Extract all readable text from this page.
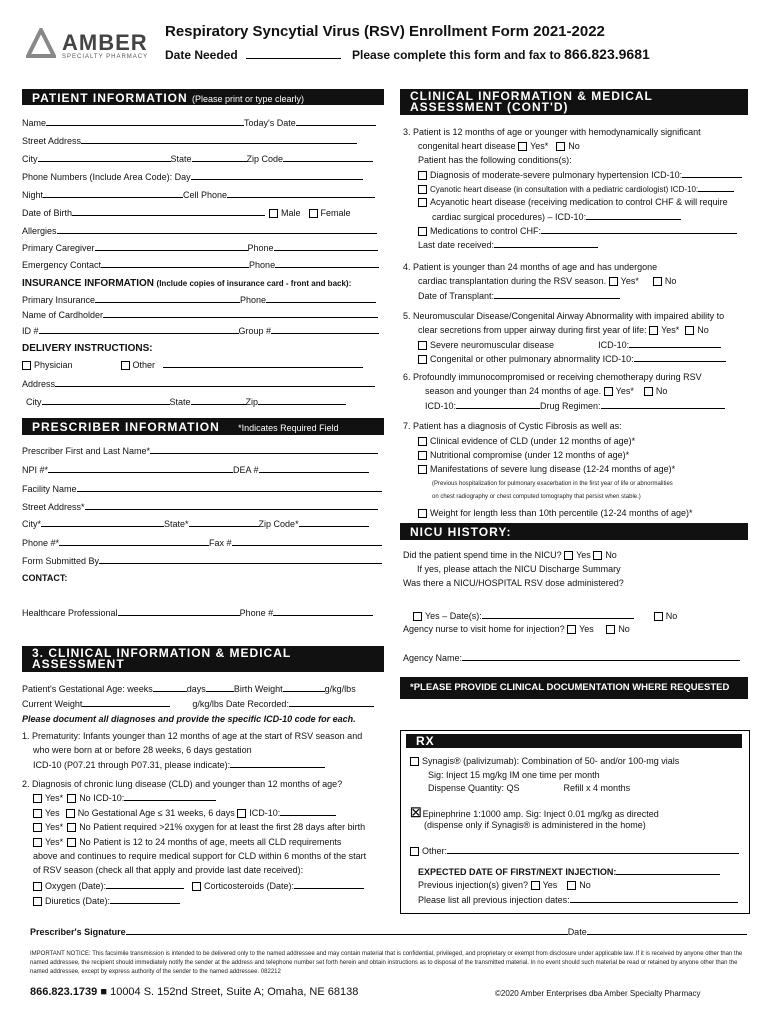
AMBER
SPECIALTY PHARMACY
Respiratory Syncytial Virus (RSV) Enrollment Form 2021-2022
Date Needed	Please complete this form and fax to 866.823.9681
PATIENT INFORMATION (Please print or type clearly)
Name	Today's Date
Street Address
City	State	Zip Code
Phone Numbers (Include Area Code): Day
Night	Cell Phone
Date of Birth	Male Female
Allergies
Primary Caregiver	Phone
Emergency Contact	Phone
INSURANCE INFORMATION (Include copies of insurance card - front and back):
Primary Insurance	Phone
Name of Cardholder
ID #	Group #
DELIVERY INSTRUCTIONS:
Physician	Other
Address
City	State	Zip
PRESCRIBER INFORMATION *Indicates Required Field
Prescriber First and Last Name*
NPI #*	DEA #
Facility Name
Street Address*
City*	State*	Zip Code*
Phone #*	Fax #
Form Submitted By
CONTACT:
Healthcare Professional	Phone #
3. CLINICAL INFORMATION & MEDICAL ASSESSMENT
Patient's Gestational Age: weeks	days	Birth Weight	g/kg/lbs
Current Weight	g/kg/lbs Date Recorded:
Please document all diagnoses and provide the specific ICD-10 code for each.
1. Prematurity: Infants younger than 12 months of age at the start of RSV season and
who were born at or before 28 weeks, 6 days gestation
ICD-10 (P07.21 through P07.31, please indicate):
2. Diagnosis of chronic lung disease (CLD) and younger than 12 months of age?
Yes* No ICD-10:
Yes No Gestational Age ≤ 31 weeks, 6 days ICD-10:
Yes* No Patient required >21% oxygen for at least the first 28 days after birth
Yes* No Patient is 12 to 24 months of age, meets all CLD requirements
above and continues to require medical support for CLD within 6 months of the start
of RSV season (check all that apply and provide last date received):
Oxygen (Date):	Corticosteroids (Date):
Diuretics (Date):
CLINICAL INFORMATION & MEDICAL ASSESSMENT (CONT'D)
3. Patient is 12 months of age or younger with hemodynamically significant
congenital heart disease Yes* No
Patient has the following conditions(s):
Diagnosis of moderate-severe pulmonary hypertension ICD-10:
Cyanotic heart disease (in consultation with a pediatric cardiologist) ICD-10:
Acyanotic heart disease (receiving medication to control CHF & will require
cardiac surgical procedures) – ICD-10:
Medications to control CHF:
Last date received:
4. Patient is younger than 24 months of age and has undergone
cardiac transplantation during the RSV season. Yes*	No
Date of Transplant:
5. Neuromuscular Disease/Congenital Airway Abnormality with impaired ability to
clear secretions from upper airway during first year of life: Yes* No
Severe neuromuscular disease	ICD-10:
Congenital or other pulmonary abnormality ICD-10:
6. Profoundly immunocompromised or receiving chemotherapy during RSV
season and younger than 24 months of age. Yes* No
ICD-10:	Drug Regimen:
7. Patient has a diagnosis of Cystic Fibrosis as well as:
Clinical evidence of CLD (under 12 months of age)*
Nutritional compromise (under 12 months of age)*
Manifestations of severe lung disease (12-24 months of age)*
(Previous hospitalization for pulmonary exacerbation in the first year of life or abnormalities
on chest radiography or chest computed tomography that persist when stable.)
Weight for length less than 10th percentile (12-24 months of age)*
NICU HISTORY:
Did the patient spend time in the NICU? Yes No
If yes, please attach the NICU Discharge Summary
Was there a NICU/HOSPITAL RSV dose administered?
Yes – Date(s):	No
Agency nurse to visit home for injection? Yes	No
Agency Name:
*PLEASE PROVIDE CLINICAL DOCUMENTATION WHERE REQUESTED
RX
Synagis® (palivizumab): Combination of 50- and/or 100-mg vials
Sig: Inject 15 mg/kg IM one time per month
Dispense Quantity: QS	Refill x 4 months
☒Epinephrine 1:1000 amp. Sig: Inject 0.01 mg/kg as directed
(dispense only if Synagis® is administered in the home)
Other:
EXPECTED DATE OF FIRST/NEXT INJECTION:
Previous injection(s) given? Yes No
Please list all previous injection dates:
Prescriber's Signature	Date
IMPORTANT NOTICE: This facsimile transmission is intended to be delivered only to the named addressee and may contain material that is confidential, privileged, and proprietary or exempt from disclosure under applicable law. If it is received by anyone other than the named addressee, the recipient should immediately notify the sender at the address and telephone number set forth herein and obtain instructions as to disposal of the transmitted material. In no event should such material be read or retained by anyone other than the named addressee, except by express authority of the sender to the named addressee. 082212
866.823.1739 ■ 10004 S. 152nd Street, Suite A; Omaha, NE 68138	©2020 Amber Enterprises dba Amber Specialty Pharmacy
